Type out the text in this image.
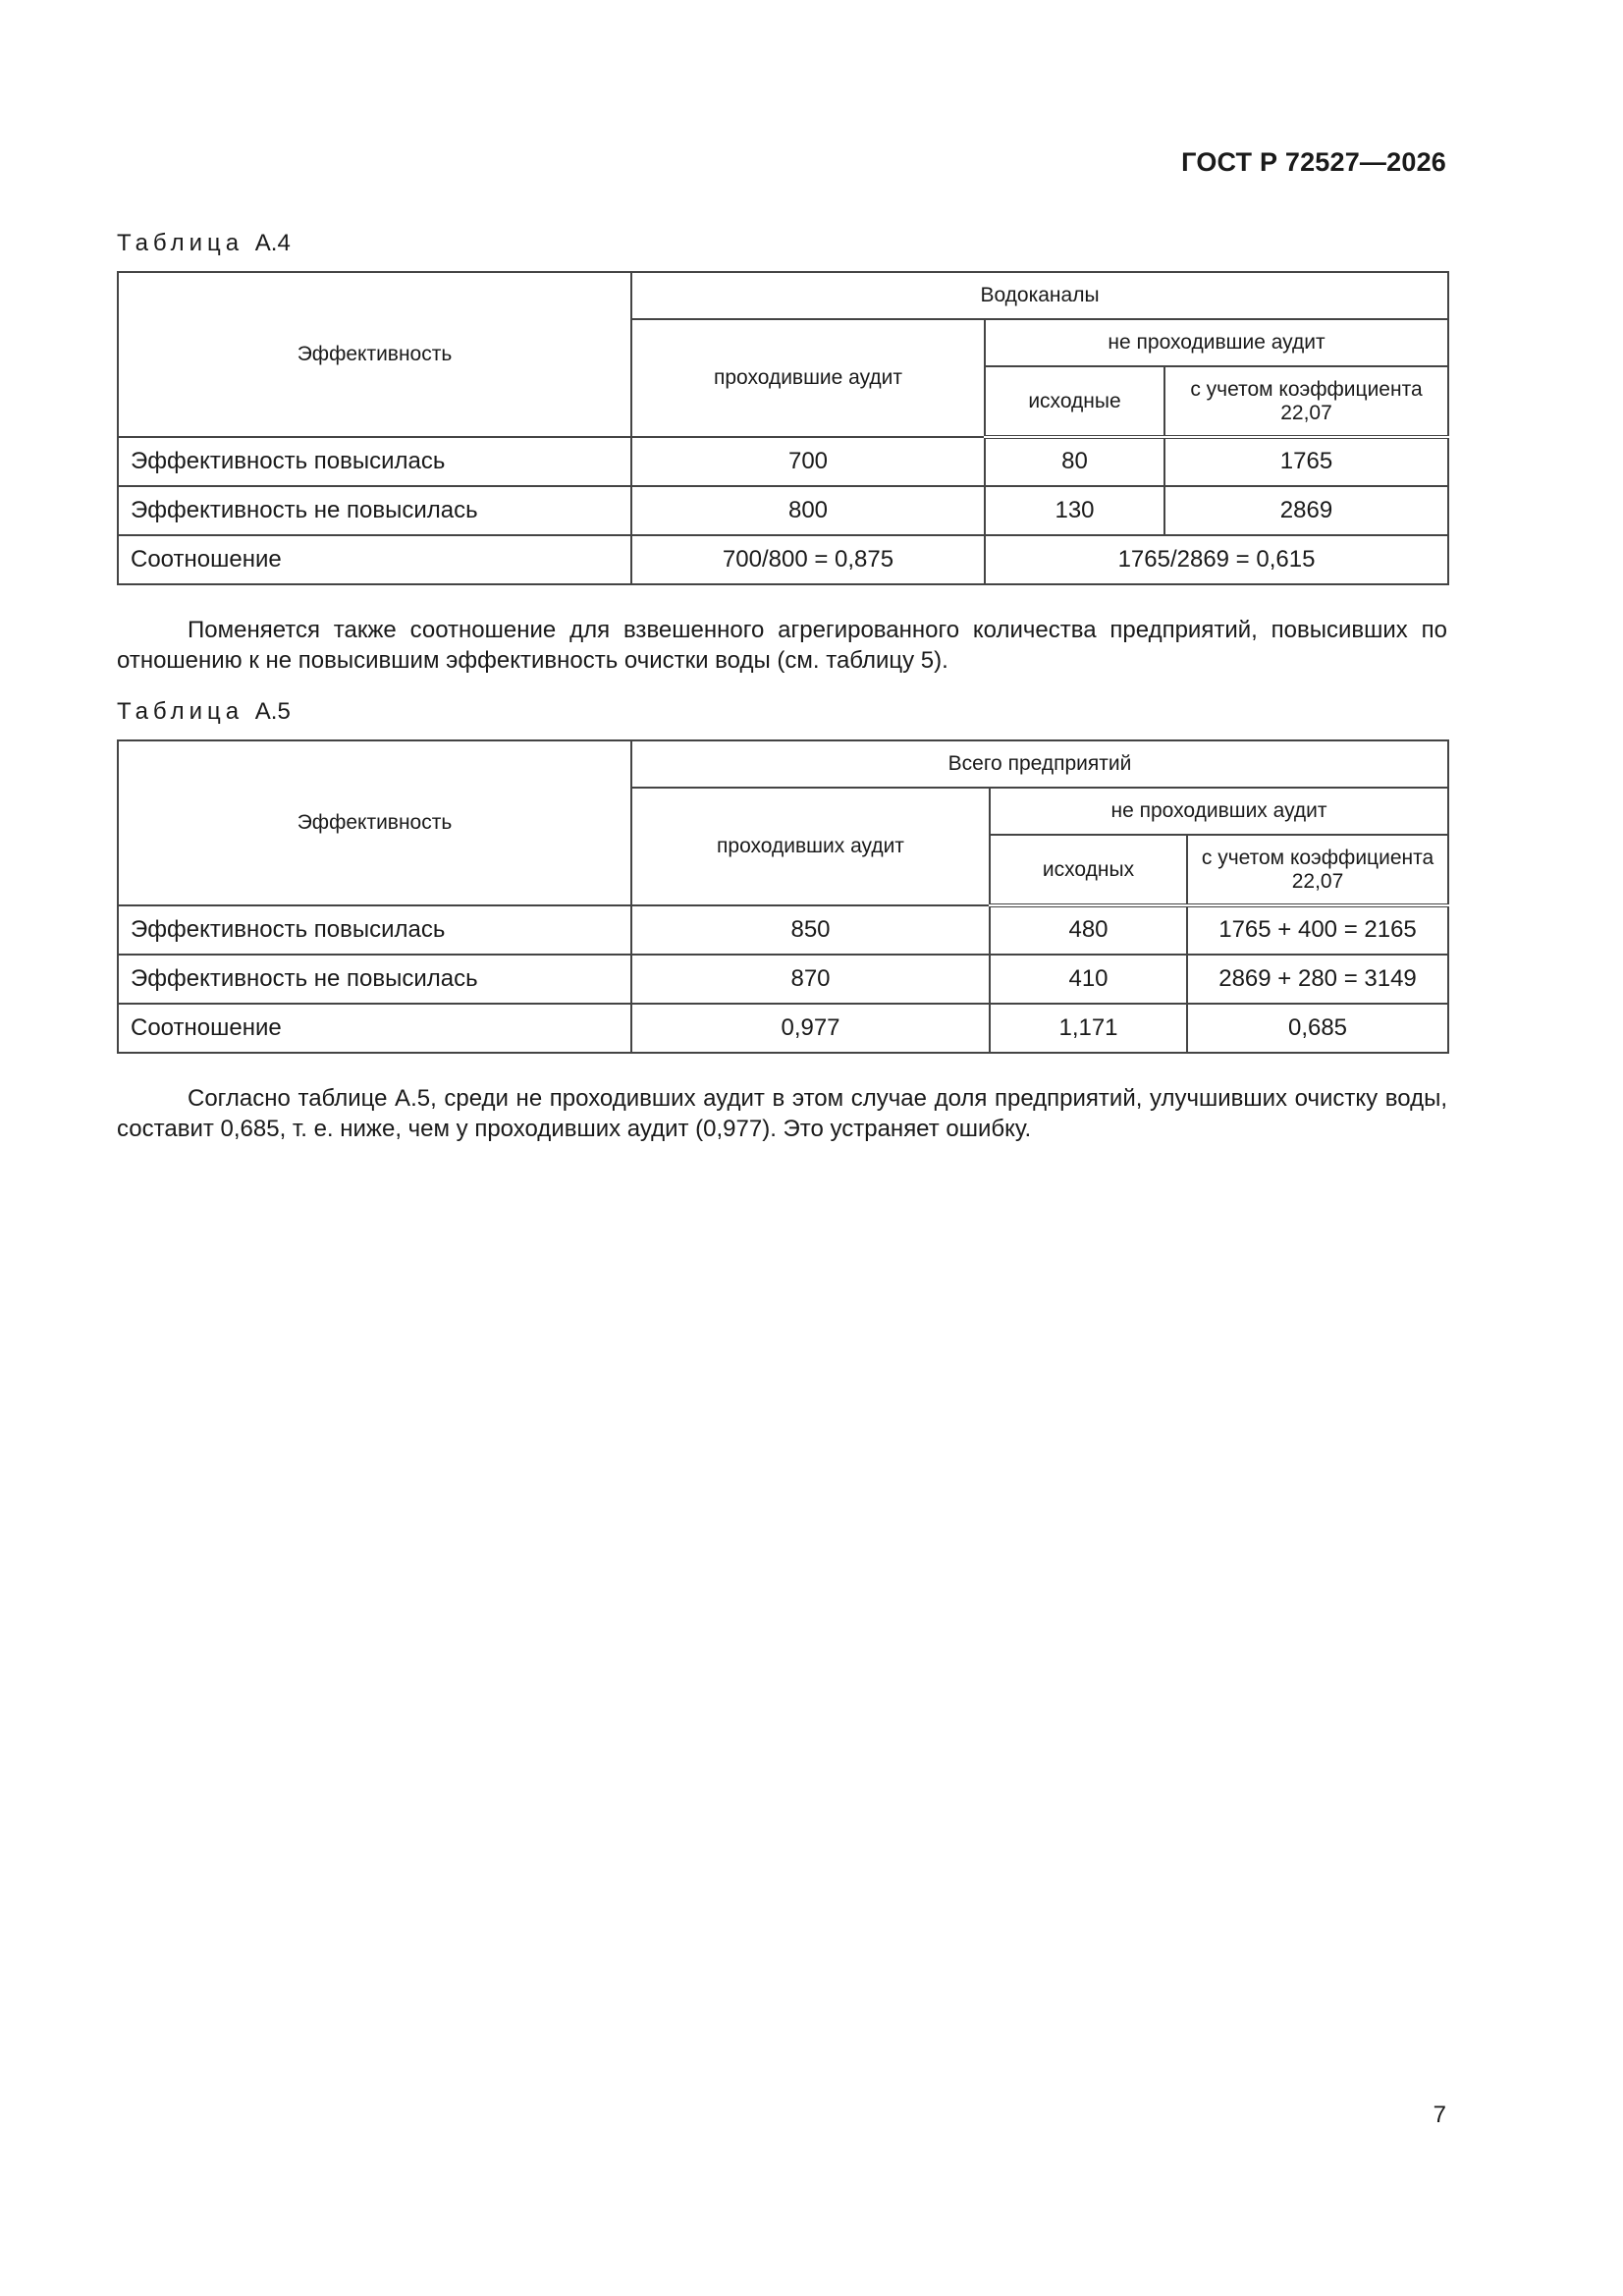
ГОСТ Р 72527—2026
Таблица А.4
Эффективность	Водоканалы		
	проходившие аудит	не проходившие аудит	
		исходные	с учетом коэффициента 22,07
Эффективность повысилась	700	80	1765
Эффективность не повысилась	800	130	2869
Соотношение	700/800 = 0,875	1765/2869 = 0,615	

Поменяется также соотношение для взвешенного агрегированного количества предприятий, повысивших по отношению к не повысившим эффективность очистки воды (см. таблицу 5).

Таблица А.5
Эффективность	Всего предприятий		
	проходивших аудит	не проходивших аудит	
		исходных	с учетом коэффициента 22,07
Эффективность повысилась	850	480	1765 + 400 = 2165
Эффективность не повысилась	870	410	2869 + 280 = 3149
Соотношение	0,977	1,171	0,685

Согласно таблице А.5, среди не проходивших аудит в этом случае доля предприятий, улучшивших очистку воды, составит 0,685, т. е. ниже, чем у проходивших аудит (0,977). Это устраняет ошибку.

7
